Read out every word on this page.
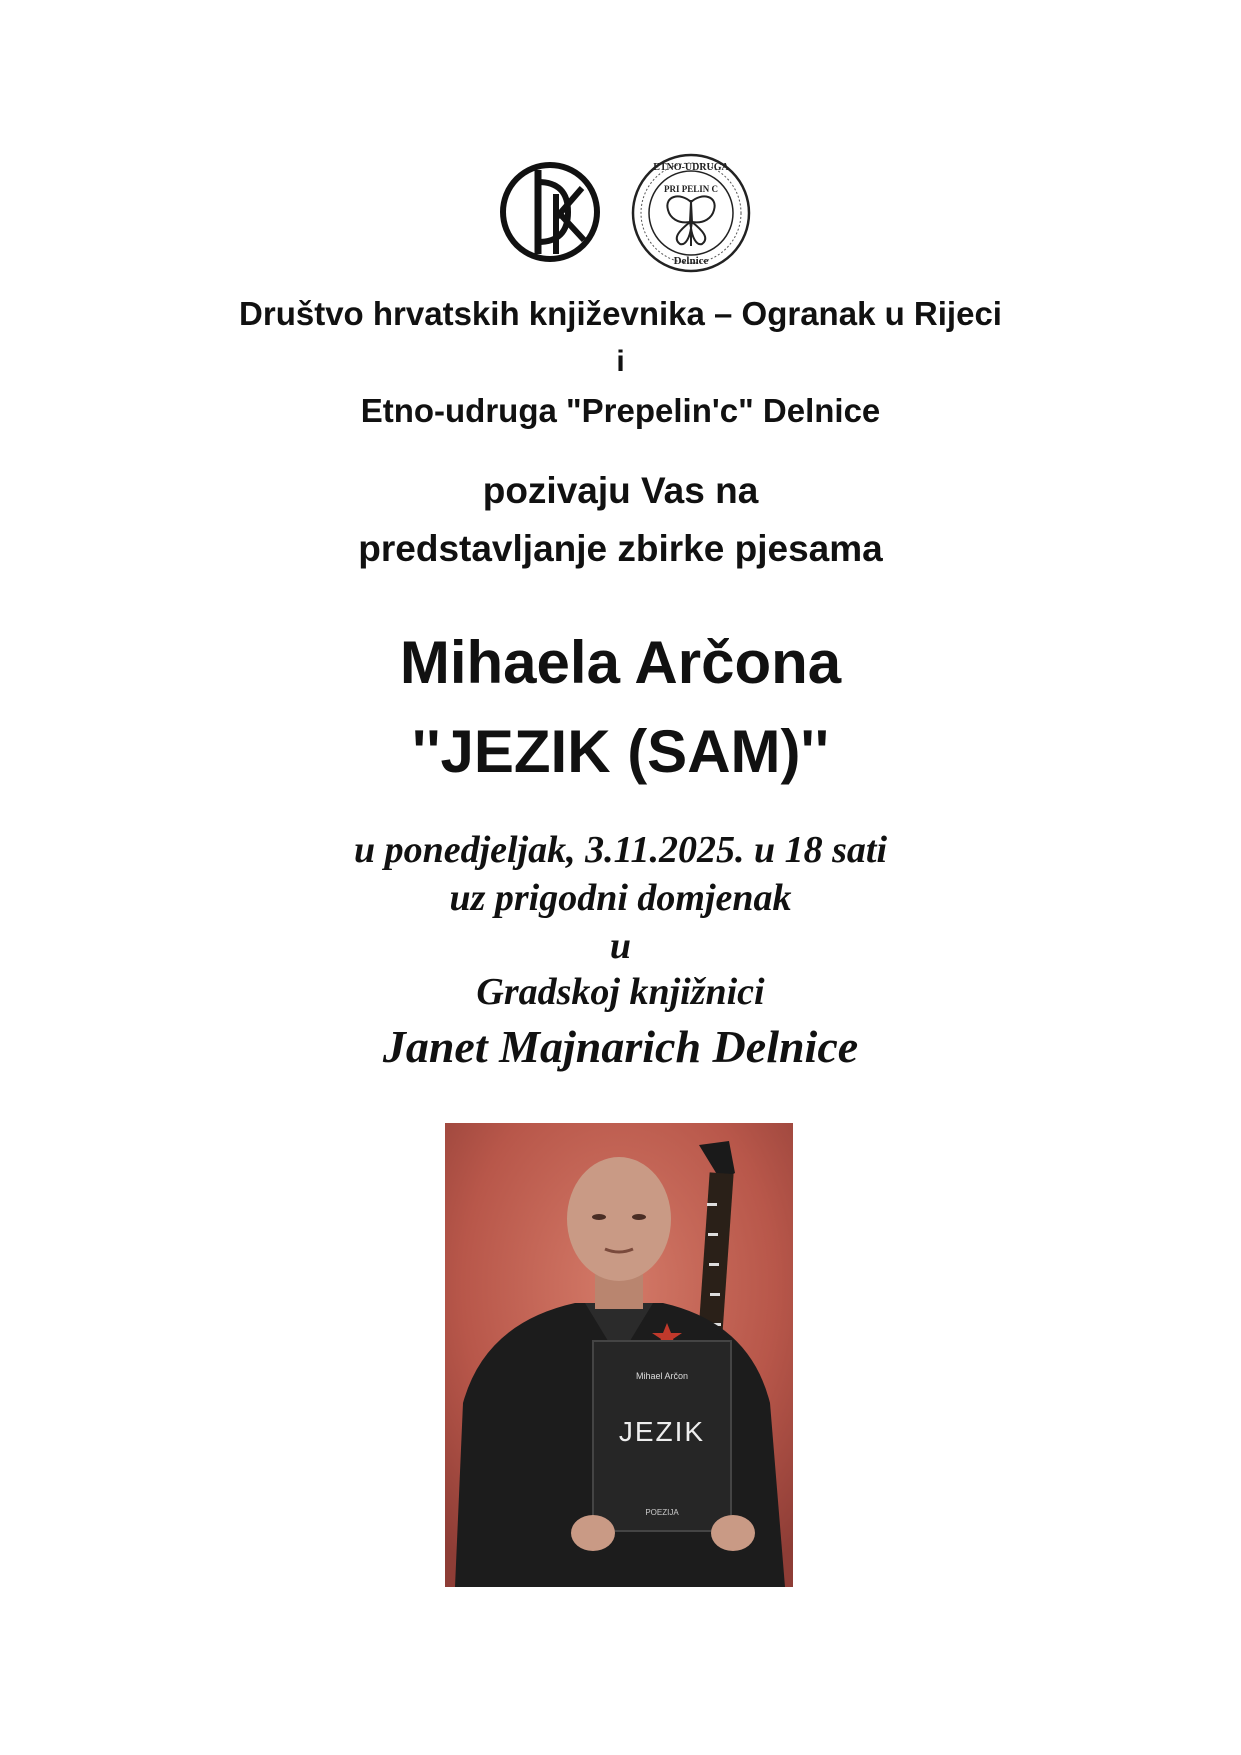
ETNO-UDRUGA
PRI PELIN C
Delnice
Društvo hrvatskih književnika – Ogranak u Rijeci
i
Etno-udruga "Prepelin'c" Delnice
pozivaju Vas na
predstavljanje zbirke pjesama
Mihaela Arčona
''JEZIK (SAM)''
u ponedjeljak, 3.11.2025. u 18 sati
uz prigodni domjenak
u
Gradskoj knjižnici
Janet Majnarich Delnice
Mihael Arčon
JEZIK
POEZIJA
